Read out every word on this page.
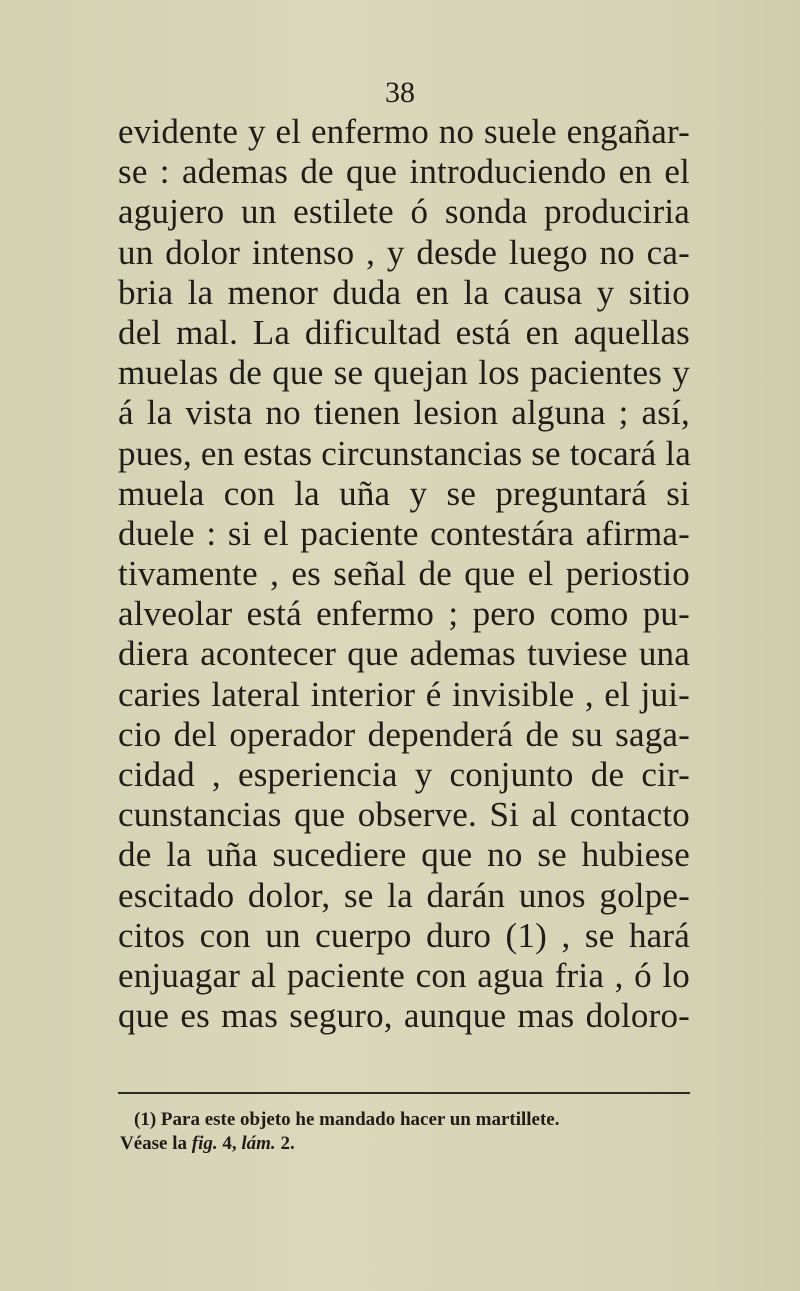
38
evidente y el enfermo no suele engañar-
se : ademas de que introduciendo en el
agujero un estilete ó sonda produciria
un dolor intenso , y desde luego no ca-
bria la menor duda en la causa y sitio
del mal. La dificultad está en aquellas
muelas de que se quejan los pacientes y
á la vista no tienen lesion alguna ; así,
pues, en estas circunstancias se tocará la
muela con la uña y se preguntará si
duele : si el paciente contestára afirma-
tivamente , es señal de que el periostio
alveolar está enfermo ; pero como pu-
diera acontecer que ademas tuviese una
caries lateral interior é invisible , el jui-
cio del operador dependerá de su saga-
cidad , esperiencia y conjunto de cir-
cunstancias que observe. Si al contacto
de la uña sucediere que no se hubiese
escitado dolor, se la darán unos golpe-
citos con un cuerpo duro (1) , se hará
enjuagar al paciente con agua fria , ó lo
que es mas seguro, aunque mas doloro-
(1) Para este objeto he mandado hacer un martillete.
Véase la fig. 4, lám. 2.
